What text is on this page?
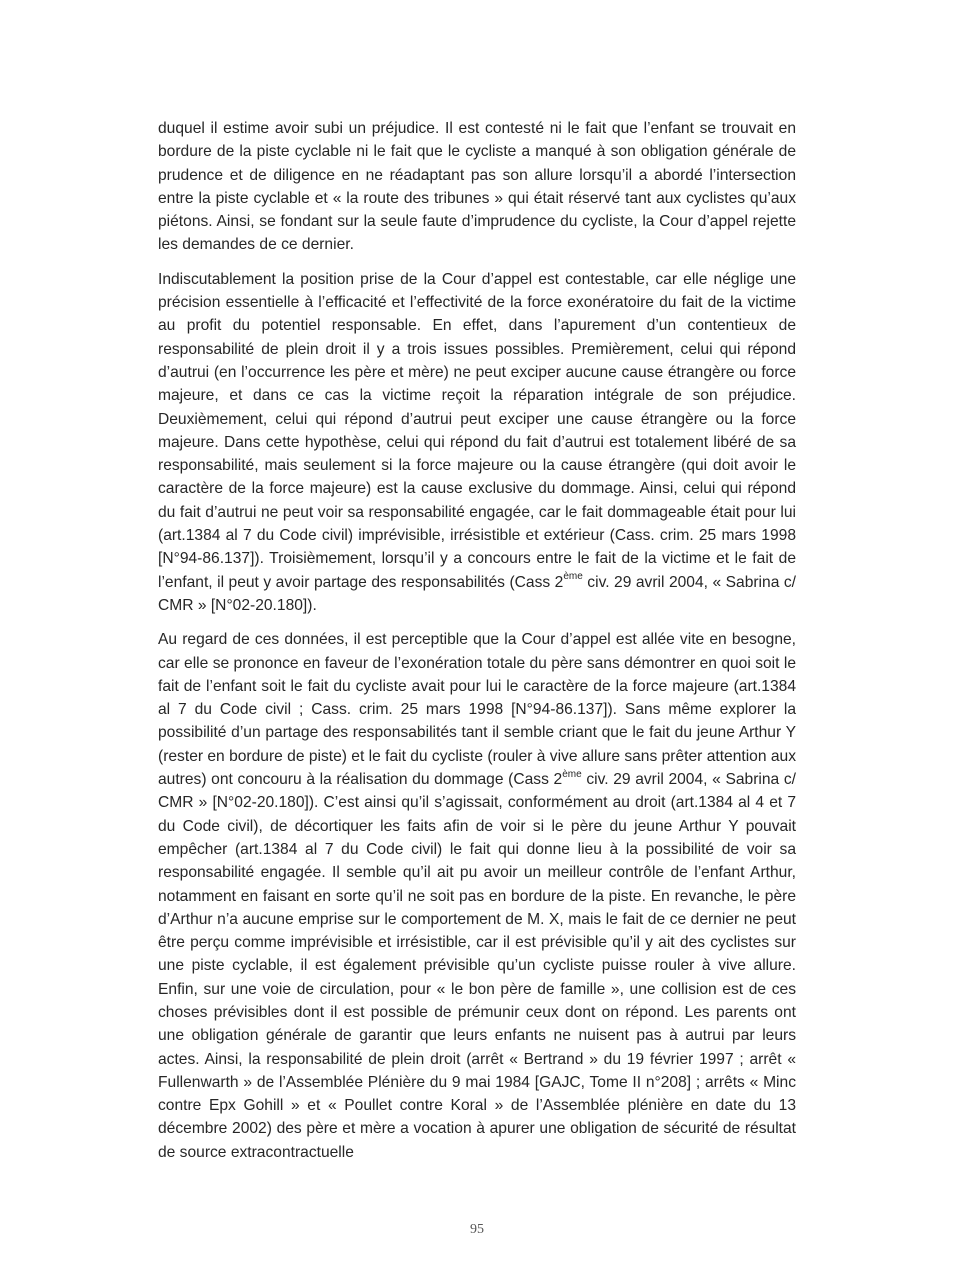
duquel il estime avoir subi un préjudice. Il est contesté ni le fait que l’enfant se trouvait en bordure de la piste cyclable ni le fait que le cycliste a manqué à son obligation générale de prudence et de diligence en ne réadaptant pas son allure lorsqu’il a abordé l’intersection entre la piste cyclable et « la route des tribunes » qui était réservé tant aux cyclistes qu’aux piétons. Ainsi, se fondant sur la seule faute d’imprudence du cycliste, la Cour d’appel rejette les demandes de ce dernier.

Indiscutablement la position prise de la Cour d’appel est contestable, car elle néglige une précision essentielle à l’efficacité et l’effectivité de la force exonératoire du fait de la victime au profit du potentiel responsable. En effet, dans l’apurement d’un contentieux de responsabilité de plein droit il y a trois issues possibles. Premièrement, celui qui répond d’autrui (en l’occurrence les père et mère) ne peut exciper aucune cause étrangère ou force majeure, et dans ce cas la victime reçoit la réparation intégrale de son préjudice. Deuxièmement, celui qui répond d’autrui peut exciper une cause étrangère ou la force majeure. Dans cette hypothèse, celui qui répond du fait d’autrui est totalement libéré de sa responsabilité, mais seulement si la force majeure ou la cause étrangère (qui doit avoir le caractère de la force majeure) est la cause exclusive du dommage. Ainsi, celui qui répond du fait d’autrui ne peut voir sa responsabilité engagée, car le fait dommageable était pour lui (art.1384 al 7 du Code civil) imprévisible, irrésistible et extérieur (Cass. crim. 25 mars 1998 [N°94-86.137]). Troisièmement, lorsqu’il y a concours entre le fait de la victime et le fait de l’enfant, il peut y avoir partage des responsabilités (Cass 2ème civ. 29 avril 2004, « Sabrina c/ CMR » [N°02-20.180]).

Au regard de ces données, il est perceptible que la Cour d’appel est allée vite en besogne, car elle se prononce en faveur de l’exonération totale du père sans démontrer en quoi soit le fait de l’enfant soit le fait du cycliste avait pour lui le caractère de la force majeure (art.1384 al 7 du Code civil ; Cass. crim. 25 mars 1998 [N°94-86.137]). Sans même explorer la possibilité d’un partage des responsabilités tant il semble criant que le fait du jeune Arthur Y (rester en bordure de piste) et le fait du cycliste (rouler à vive allure sans prêter attention aux autres) ont concouru à la réalisation du dommage (Cass 2ème civ. 29 avril 2004, « Sabrina c/ CMR » [N°02-20.180]). C’est ainsi qu’il s’agissait, conformément au droit (art.1384 al 4 et 7 du Code civil), de décortiquer les faits afin de voir si le père du jeune Arthur Y pouvait empêcher (art.1384 al 7 du Code civil) le fait qui donne lieu à la possibilité de voir sa responsabilité engagée. Il semble qu’il ait pu avoir un meilleur contrôle de l’enfant Arthur, notamment en faisant en sorte qu’il ne soit pas en bordure de la piste. En revanche, le père d’Arthur n’a aucune emprise sur le comportement de M. X, mais le fait de ce dernier ne peut être perçu comme imprévisible et irrésistible, car il est prévisible qu’il y ait des cyclistes sur une piste cyclable, il est également prévisible qu’un cycliste puisse rouler à vive allure. Enfin, sur une voie de circulation, pour « le bon père de famille », une collision est de ces choses prévisibles dont il est possible de prémunir ceux dont on répond. Les parents ont une obligation générale de garantir que leurs enfants ne nuisent pas à autrui par leurs actes. Ainsi, la responsabilité de plein droit (arrêt « Bertrand » du 19 février 1997 ; arrêt « Fullenwarth » de l’Assemblée Plénière du 9 mai 1984 [GAJC, Tome II n°208] ; arrêts « Minc contre Epx Gohill » et « Poullet contre Koral » de l’Assemblée plénière en date du 13 décembre 2002) des père et mère a vocation à apurer une obligation de sécurité de résultat de source extracontractuelle

95
